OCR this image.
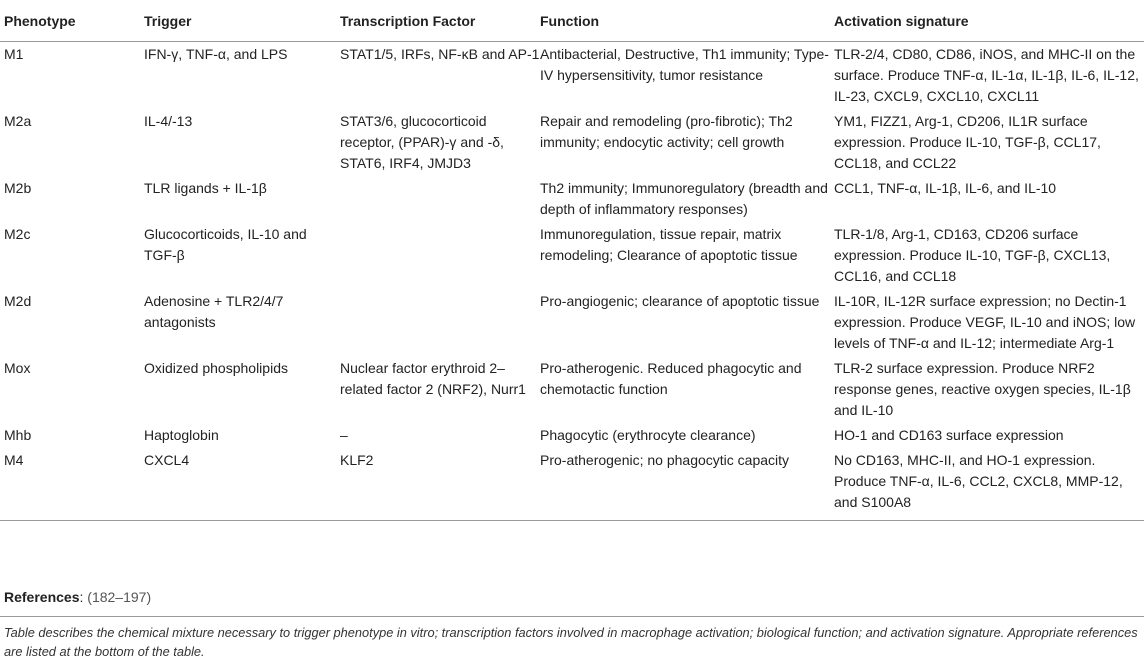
Phenotype	Trigger	Transcription Factor	Function	Activation signature
M1	IFN-γ, TNF-α, and LPS	STAT1/5, IRFs, NF-κB and AP-1	Antibacterial, Destructive, Th1 immunity; Type-IV hypersensitivity, tumor resistance	TLR-2/4, CD80, CD86, iNOS, and MHC-II on the surface. Produce TNF-α, IL-1α, IL-1β, IL-6, IL-12, IL-23, CXCL9, CXCL10, CXCL11
M2a	IL-4/-13	STAT3/6, glucocorticoid receptor, (PPAR)-γ and -δ, STAT6, IRF4, JMJD3	Repair and remodeling (pro-fibrotic); Th2 immunity; endocytic activity; cell growth	YM1, FIZZ1, Arg-1, CD206, IL1R surface expression. Produce IL-10, TGF-β, CCL17, CCL18, and CCL22
M2b	TLR ligands + IL-1β		Th2 immunity; Immunoregulatory (breadth and depth of inflammatory responses)	CCL1, TNF-α, IL-1β, IL-6, and IL-10
M2c	Glucocorticoids, IL-10 and TGF-β		Immunoregulation, tissue repair, matrix remodeling; Clearance of apoptotic tissue	TLR-1/8, Arg-1, CD163, CD206 surface expression. Produce IL-10, TGF-β, CXCL13, CCL16, and CCL18
M2d	Adenosine + TLR2/4/7 antagonists		Pro-angiogenic; clearance of apoptotic tissue	IL-10R, IL-12R surface expression; no Dectin-1 expression. Produce VEGF, IL-10 and iNOS; low levels of TNF-α and IL-12; intermediate Arg-1
Mox	Oxidized phospholipids	Nuclear factor erythroid 2–related factor 2 (NRF2), Nurr1	Pro-atherogenic. Reduced phagocytic and chemotactic function	TLR-2 surface expression. Produce NRF2 response genes, reactive oxygen species, IL-1β and IL-10
Mhb	Haptoglobin	–	Phagocytic (erythrocyte clearance)	HO-1 and CD163 surface expression
M4	CXCL4	KLF2	Pro-atherogenic; no phagocytic capacity	No CD163, MHC-II, and HO-1 expression. Produce TNF-α, IL-6, CCL2, CXCL8, MMP-12, and S100A8
References: (182–197)
Table describes the chemical mixture necessary to trigger phenotype in vitro; transcription factors involved in macrophage activation; biological function; and activation signature. Appropriate references are listed at the bottom of the table.
